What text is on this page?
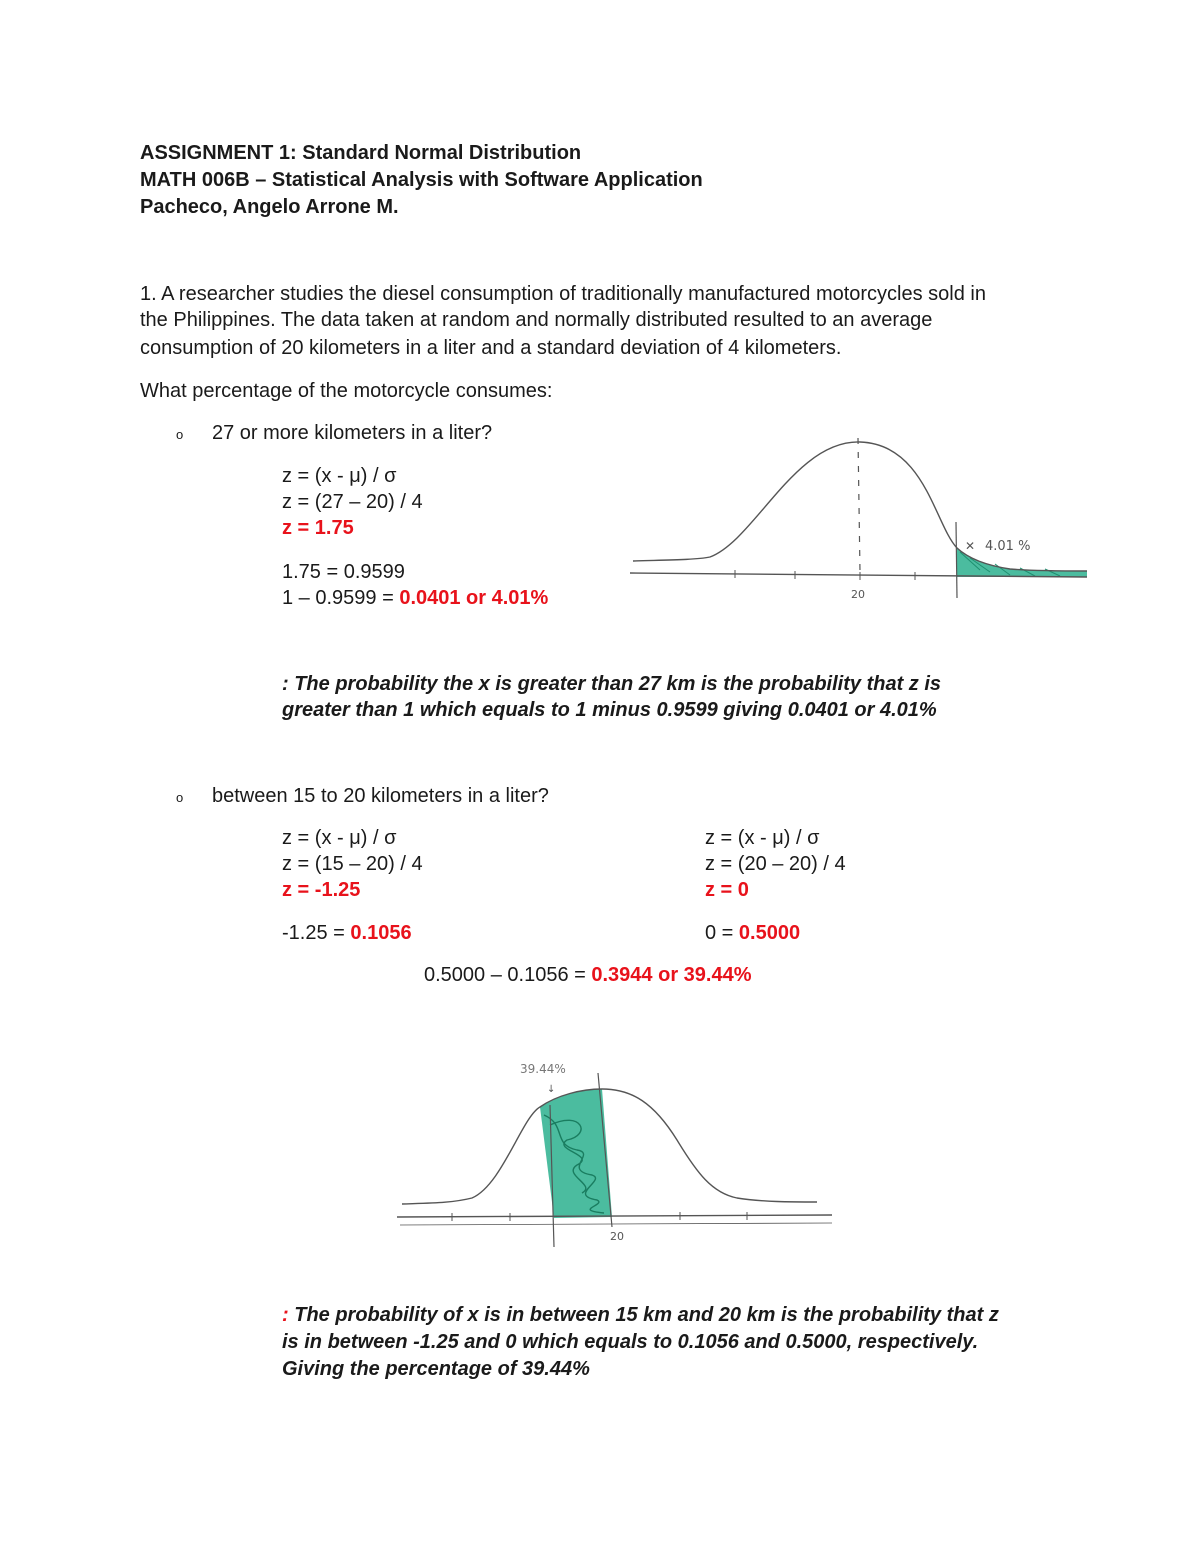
ASSIGNMENT 1: Standard Normal Distribution
MATH 006B – Statistical Analysis with Software Application
Pacheco, Angelo Arrone M.
1. A researcher studies the diesel consumption of traditionally manufactured motorcycles sold in
the Philippines. The data taken at random and normally distributed resulted to an average
consumption of 20 kilometers in a liter and a standard deviation of 4 kilometers.
What percentage of the motorcycle consumes:
o 27 or more kilometers in a liter?
z = (x - μ) / σ
z = (27 – 20) / 4
z = 1.75
1.75 = 0.9599
1 – 0.9599 = 0.0401 or 4.01%
✕ 4.01 %
20
: The probability the x is greater than 27 km is the probability that z is
greater than 1 which equals to 1 minus 0.9599 giving 0.0401 or 4.01%
o between 15 to 20 kilometers in a liter?
z = (x - μ) / σ
z = (15 – 20) / 4
z = -1.25
-1.25 = 0.1056
z = (x - μ) / σ
z = (20 – 20) / 4
z = 0
0 = 0.5000
0.5000 – 0.1056 = 0.3944 or 39.44%
39.44%
↓
20
: The probability of x is in between 15 km and 20 km is the probability that z
is in between -1.25 and 0 which equals to 0.1056 and 0.5000, respectively.
Giving the percentage of 39.44%
